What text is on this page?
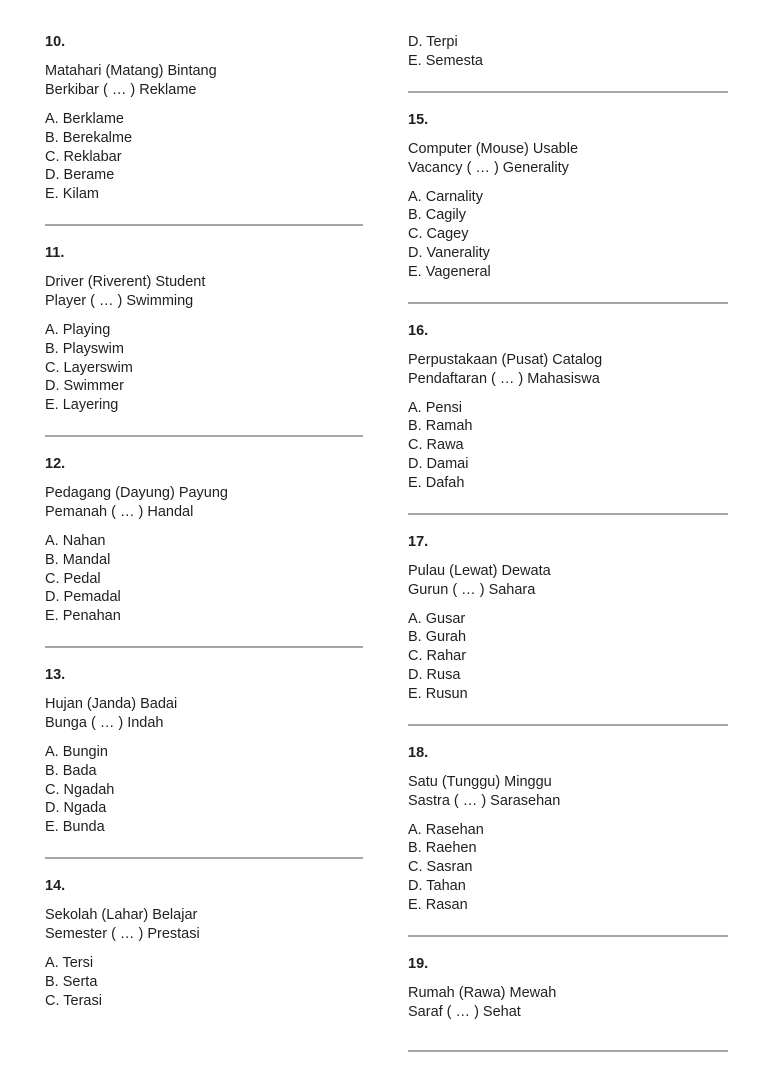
10.
Matahari (Matang) Bintang
Berkibar ( … ) Reklame
A. Berklame
B. Berekalme
C. Reklabar
D. Berame
E. Kilam
11.
Driver (Riverent) Student
Player ( … ) Swimming
A. Playing
B. Playswim
C. Layerswim
D. Swimmer
E. Layering
12.
Pedagang (Dayung) Payung
Pemanah ( … ) Handal
A. Nahan
B. Mandal
C. Pedal
D. Pemadal
E. Penahan
13.
Hujan (Janda) Badai
Bunga ( … ) Indah
A. Bungin
B. Bada
C. Ngadah
D. Ngada
E. Bunda
14.
Sekolah (Lahar) Belajar
Semester ( … ) Prestasi
A. Tersi
B. Serta
C. Terasi
D. Terpi
E. Semesta
15.
Computer (Mouse) Usable
Vacancy ( … ) Generality
A. Carnality
B. Cagily
C. Cagey
D. Vanerality
E. Vageneral
16.
Perpustakaan (Pusat) Catalog
Pendaftaran ( … ) Mahasiswa
A. Pensi
B. Ramah
C. Rawa
D. Damai
E. Dafah
17.
Pulau (Lewat) Dewata
Gurun ( … ) Sahara
A. Gusar
B. Gurah
C. Rahar
D. Rusa
E. Rusun
18.
Satu (Tunggu) Minggu
Sastra ( … ) Sarasehan
A. Rasehan
B. Raehen
C. Sasran
D. Tahan
E. Rasan
19.
Rumah (Rawa) Mewah
Saraf ( … ) Sehat
